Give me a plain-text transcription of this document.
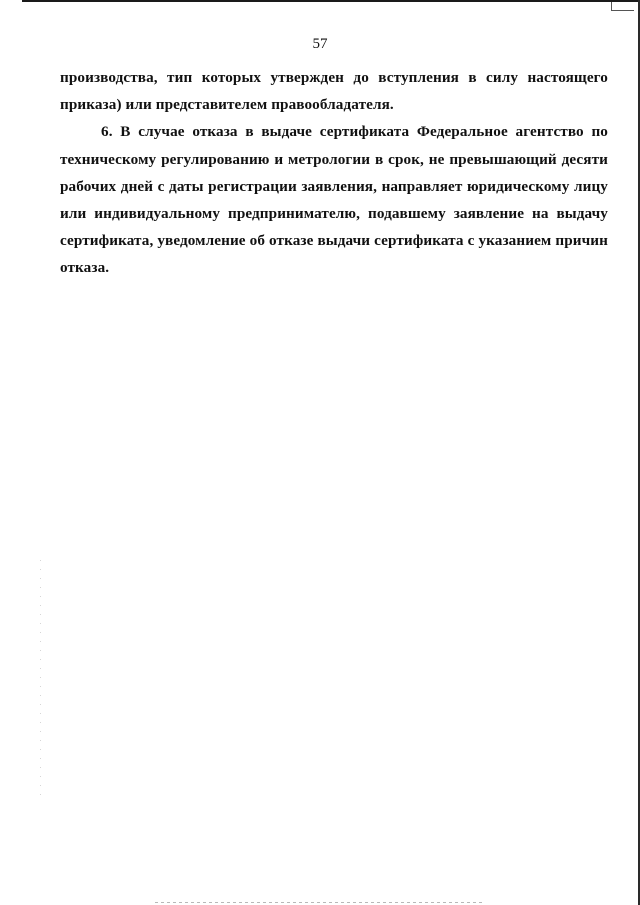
57

производства, тип которых утвержден до вступления в силу настоящего приказа) или представителем правообладателя.

6. В случае отказа в выдаче сертификата Федеральное агентство по техническому регулированию и метрологии в срок, не превышающий десяти рабочих дней с даты регистрации заявления, направляет юридическому лицу или индивидуальному предпринимателю, подавшему заявление на выдачу сертификата, уведомление об отказе выдачи сертификата с указанием причин отказа.
